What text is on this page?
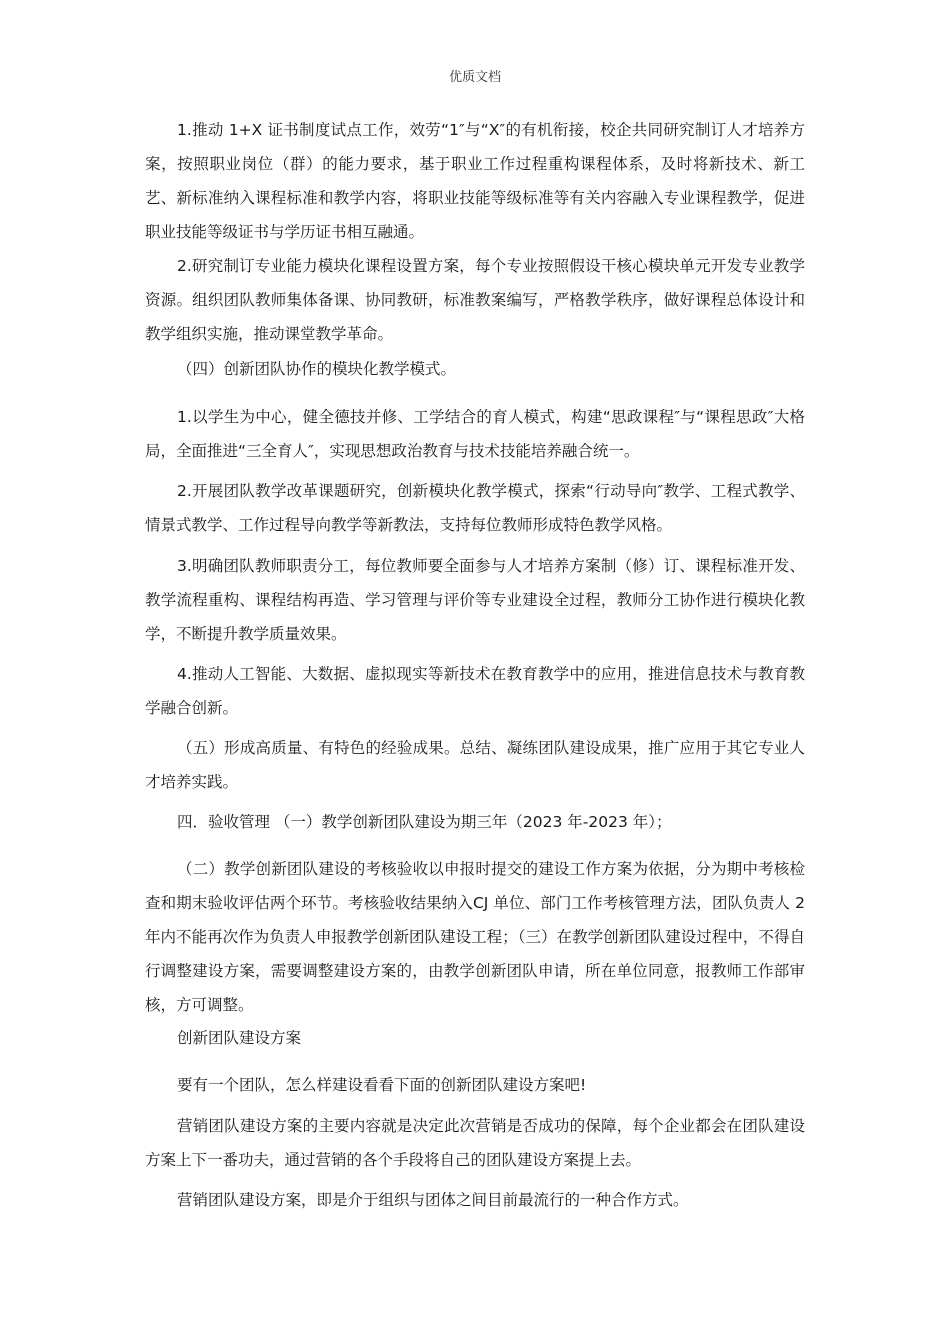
优质文档

1.推动 1+X 证书制度试点工作，效劳“1″与“X″的有机衔接，校企共同研究制订人才培养方案，按照职业岗位（群）的能力要求，基于职业工作过程重构课程体系，及时将新技术、新工艺、新标准纳入课程标准和教学内容，将职业技能等级标准等有关内容融入专业课程教学，促进职业技能等级证书与学历证书相互融通。

2.研究制订专业能力模块化课程设置方案，每个专业按照假设干核心模块单元开发专业教学资源。组织团队教师集体备课、协同教研，标准教案编写，严格教学秩序，做好课程总体设计和教学组织实施，推动课堂教学革命。

（四）创新团队协作的模块化教学模式。

1.以学生为中心，健全德技并修、工学结合的育人模式，构建“思政课程″与“课程思政″大格局，全面推进“三全育人″，实现思想政治教育与技术技能培养融合统一。

2.开展团队教学改革课题研究，创新模块化教学模式，探索“行动导向″教学、工程式教学、情景式教学、工作过程导向教学等新教法，支持每位教师形成特色教学风格。

3.明确团队教师职责分工，每位教师要全面参与人才培养方案制（修）订、课程标准开发、教学流程重构、课程结构再造、学习管理与评价等专业建设全过程，教师分工协作进行模块化教学，不断提升教学质量效果。

4.推动人工智能、大数据、虚拟现实等新技术在教育教学中的应用，推进信息技术与教育教学融合创新。

（五）形成高质量、有特色的经验成果。总结、凝练团队建设成果，推广应用于其它专业人才培养实践。

四．验收管理 （一）教学创新团队建设为期三年（2023 年-2023 年）；

（二）教学创新团队建设的考核验收以申报时提交的建设工作方案为依据，分为期中考核检查和期末验收评估两个环节。考核验收结果纳入CJ 单位、部门工作考核管理方法，团队负责人 2 年内不能再次作为负责人申报教学创新团队建设工程；（三）在教学创新团队建设过程中，不得自行调整建设方案，需要调整建设方案的，由教学创新团队申请，所在单位同意，报教师工作部审核，方可调整。

创新团队建设方案

要有一个团队，怎么样建设看看下面的创新团队建设方案吧!

营销团队建设方案的主要内容就是决定此次营销是否成功的保障，每个企业都会在团队建设方案上下一番功夫，通过营销的各个手段将自己的团队建设方案提上去。

营销团队建设方案，即是介于组织与团体之间目前最流行的一种合作方式。
